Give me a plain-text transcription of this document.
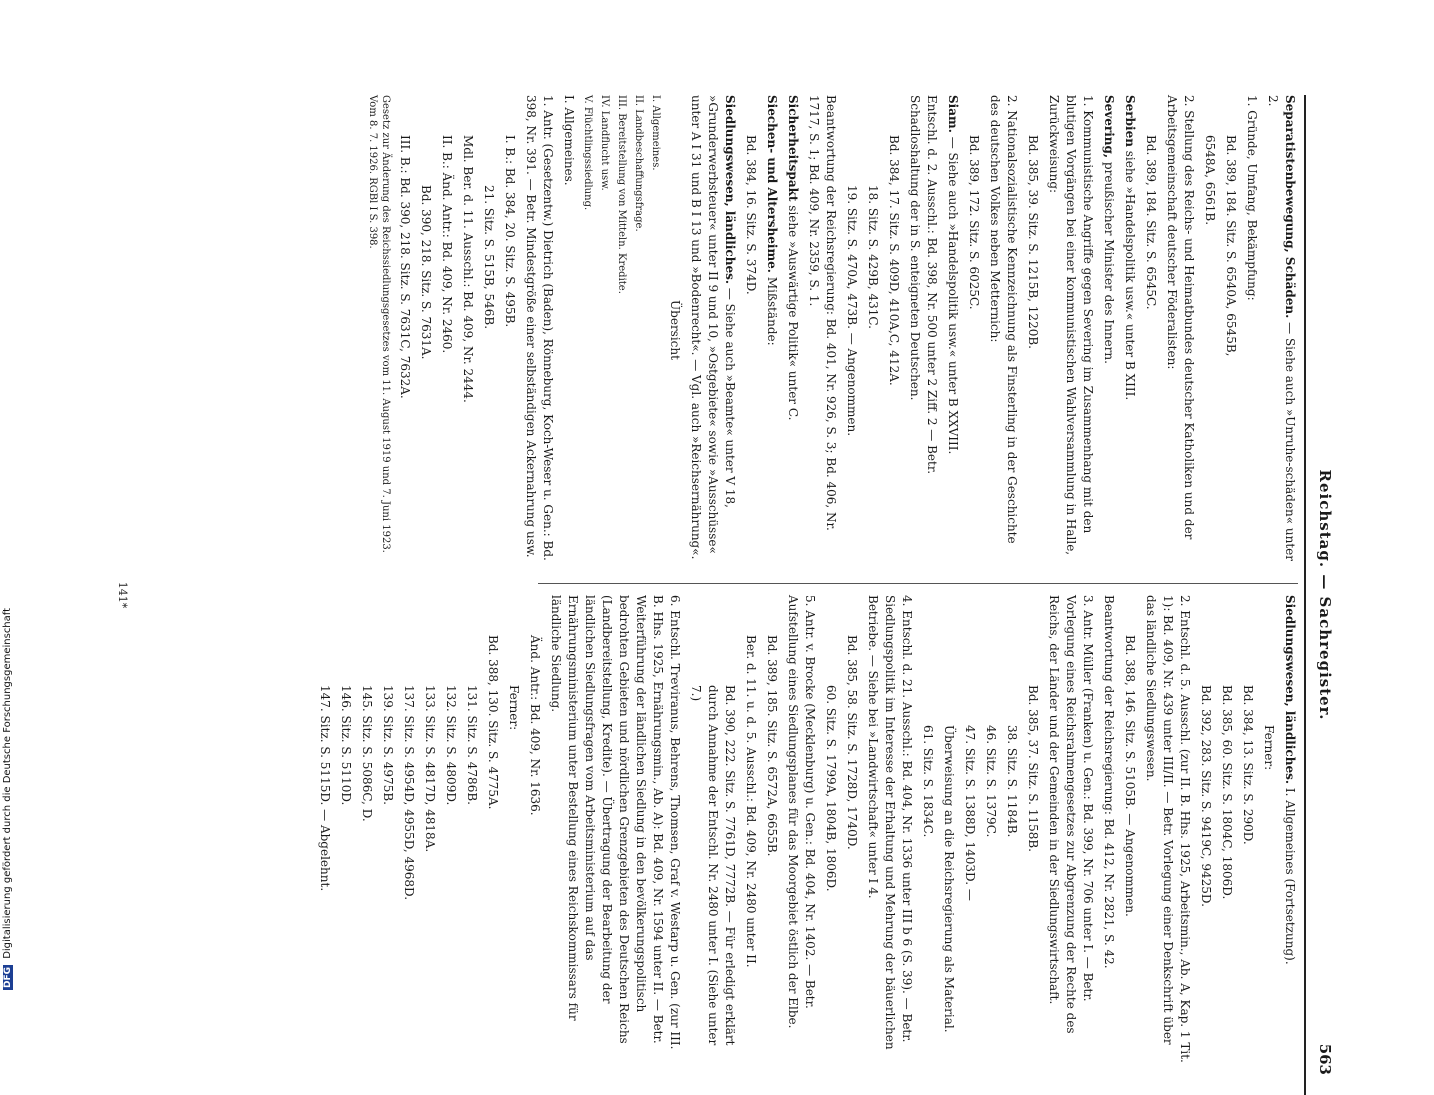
Reichstag. — Sachregister.
563
Separatistenbewegung, Schäden. — Siehe auch »Unruhe-schäden« unter 2.
1. Gründe, Umfang, Bekämpfung:
Bd. 389, 184. Sitz. S. 6540A, 6545B,
6548A, 6561B.
2. Stellung des Reichs- und Heimatbundes deutscher Katholiken und der Arbeitsgemeinschaft deutscher Föderalisten:
Bd. 389, 184. Sitz. S. 6545C.
Serbien siehe »Handelspolitik usw.« unter B XIII.
Severing, preußischer Minister des Innern.
1. Kommunistische Angriffe gegen Severing im Zusammenhang mit den blutigen Vorgängen bei einer kommunistischen Wahlversammlung in Halle, Zurückweisung:
Bd. 385, 39. Sitz. S. 1215B, 1220B.
2. Nationalsozialistische Kennzeichnung als Finsterling in der Geschichte des deutschen Volkes neben Metternich:
Bd. 389, 172. Sitz. S. 6025C.
Siam. — Siehe auch »Handelspolitik usw.« unter B XXVIII.
Entschl. d. 2. Ausschl.: Bd. 398, Nr. 500 unter 2 Ziff. 2 — Betr. Schadloshaltung der in S. enteigneten Deutschen.
Bd. 384, 17. Sitz. S. 409D, 410A,C, 412A.
18. Sitz. S. 429B, 431C.
19. Sitz. S. 470A, 473B. — Angenommen.
Beantwortung der Reichsregierung: Bd. 401, Nr. 926, S. 3; Bd. 406, Nr. 1717, S. 1; Bd. 409, Nr. 2359, S. 1.
Sicherheitspakt siehe »Auswärtige Politik« unter C.
Siechen- und Altersheime. Mißstände:
Bd. 384, 16. Sitz. S. 374D.
Siedlungswesen, ländliches. — Siehe auch »Beamte« unter V 18, »Grunderwerbsteuer« unter II 9 und 10, »Ostgebiete« sowie »Ausschüsse« unter A I 31 und B I 13 und »Bodenrecht«. — Vgl. auch »Reichsernährung«.
Übersicht
I. Allgemeines.
II. Landbeschaffungsfrage.
III. Bereitstellung von Mitteln. Kredite.
IV. Landflucht usw.
V. Flüchtlingssiedlung.
I. Allgemeines.
1. Antr. (Gesetzentw.) Dietrich (Baden), Rönneburg, Koch-Weser u. Gen.: Bd. 398, Nr. 391. — Betr. Mindestgröße einer selbständigen Ackernahrung usw.
I. B.: Bd. 384, 20. Sitz. S. 495B.
21. Sitz. S. 515B, 546B.
Mdl. Ber. d. 11. Ausschl.: Bd. 409, Nr. 2444.
II. B.: Änd. Antr.: Bd. 409, Nr. 2460.
Bd. 390, 218. Sitz. S. 7631A.
III. B.: Bd. 390, 218. Sitz. S. 7631C, 7632A.
Gesetz zur Änderung des Reichssiedlungsgesetzes vom 11. August 1919 und 7. Juni 1923. Vom 8. 7. 1926. RGBl I S. 398.
Siedlungswesen, ländliches. I. Allgemeines (Fortsetzung).
Ferner:
Bd. 384, 13. Sitz. S. 290D.
Bd. 385, 60. Sitz. S. 1804C, 1806D.
Bd. 392, 283. Sitz. S. 9419C, 9425D.
2. Entschl. d. 5. Ausschl. (zur II. B. Hhs. 1925, Arbeitsmin., Ab. A, Kap. 1 Tit. 1): Bd. 409, Nr. 439 unter III/II. — Betr. Vorlegung einer Denkschrift über das ländliche Siedlungswesen.
Bd. 388, 146. Sitz. S. 5105B. — Angenommen.
Beantwortung der Reichsregierung: Bd. 412, Nr. 2821, S. 42.
3. Antr. Müller (Franken) u. Gen.: Bd. 399, Nr. 706 unter I. — Betr. Vorlegung eines Reichsrahmengesetzes zur Abgrenzung der Rechte des Reichs, der Länder und der Gemeinden in der Siedlungswirtschaft.
Bd. 385, 37. Sitz. S. 1158B.
38. Sitz. S. 1184B.
46. Sitz. S. 1379C.
47. Sitz. S. 1388D, 1403D. —
Überweisung an die Reichsregierung als Material.
61. Sitz. S. 1834C.
4. Entschl. d. 21. Ausschl.: Bd. 404, Nr. 1336 unter III b 6 (S. 39). — Betr. Siedlungspolitik im Interesse der Erhaltung und Mehrung der bäuerlichen Betriebe. — Siehe bei »Landwirtschaft« unter I 4.
Bd. 385, 58. Sitz. S. 1728D, 1740D.
60. Sitz. S. 1799A, 1804B, 1806D.
5. Antr. v. Brocke (Mecklenburg) u. Gen.: Bd. 404, Nr. 1402. — Betr. Aufstellung eines Siedlungsplanes für das Moorgebiet östlich der Elbe.
Bd. 389, 185. Sitz. S. 6572A, 6655B.
Ber. d. 11. u. d. 5. Ausschl.: Bd. 409, Nr. 2480 unter II.
Bd. 390, 222. Sitz. S. 7761D, 7772B. — Für erledigt erklärt durch Annahme der Entschl. Nr. 2480 unter I. (Siehe unter 7.)
6. Entschl. Treviranus, Behrens, Thomsen, Graf v. Westarp u. Gen. (zur III. B. Hhs. 1925, Ernährungsmin., Ab. A): Bd. 409, Nr. 1594 unter II. — Betr. Weiterführung der ländlichen Siedlung in den bevölkerungspolitisch bedrohten Gebieten und nördlichen Grenzgebieten des Deutschen Reichs (Landbereitstellung, Kredite). — Übertragung der Bearbeitung der ländlichen Siedlungsfragen vom Arbeitsministerium auf das Ernährungsministerium unter Bestellung eines Reichskommissars für ländliche Siedlung.
Änd. Antr.: Bd. 409, Nr. 1636.
Ferner:
Bd. 388, 130. Sitz. S. 4775A.
131. Sitz. S. 4786B.
132. Sitz. S. 4809D.
133. Sitz. S. 4817D, 4818A.
137. Sitz. S. 4954D, 4955D, 4968D.
139. Sitz. S. 4975B.
145. Sitz. S. 5086C, D.
146. Sitz. S. 5110D.
147. Sitz. S. 5115D. — Abgelehnt.
141*
DFG Digitalisierung gefördert durch die Deutsche Forschungsgemeinschaft
